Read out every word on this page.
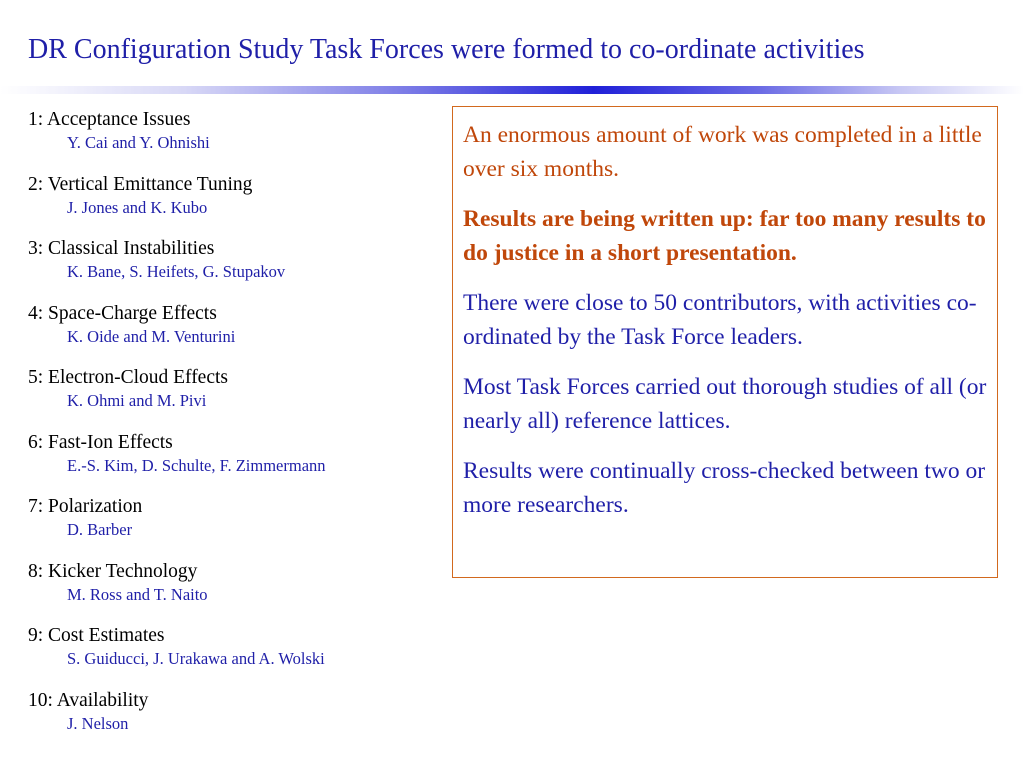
DR Configuration Study Task Forces were formed to co-ordinate activities
1: Acceptance Issues
Y. Cai and Y. Ohnishi
2: Vertical Emittance Tuning
J. Jones and K. Kubo
3: Classical Instabilities
K. Bane, S. Heifets, G. Stupakov
4: Space-Charge Effects
K. Oide and M. Venturini
5: Electron-Cloud Effects
K. Ohmi and M. Pivi
6: Fast-Ion Effects
E.-S. Kim, D. Schulte, F. Zimmermann
7: Polarization
D. Barber
8: Kicker Technology
M. Ross and T. Naito
9: Cost Estimates
S. Guiducci, J. Urakawa and A. Wolski
10: Availability
J. Nelson

An enormous amount of work was completed in a little over six months.

Results are being written up: far too many results to do justice in a short presentation.

There were close to 50 contributors, with activities co-ordinated by the Task Force leaders.

Most Task Forces carried out thorough studies of all (or nearly all) reference lattices.

Results were continually cross-checked between two or more researchers.
